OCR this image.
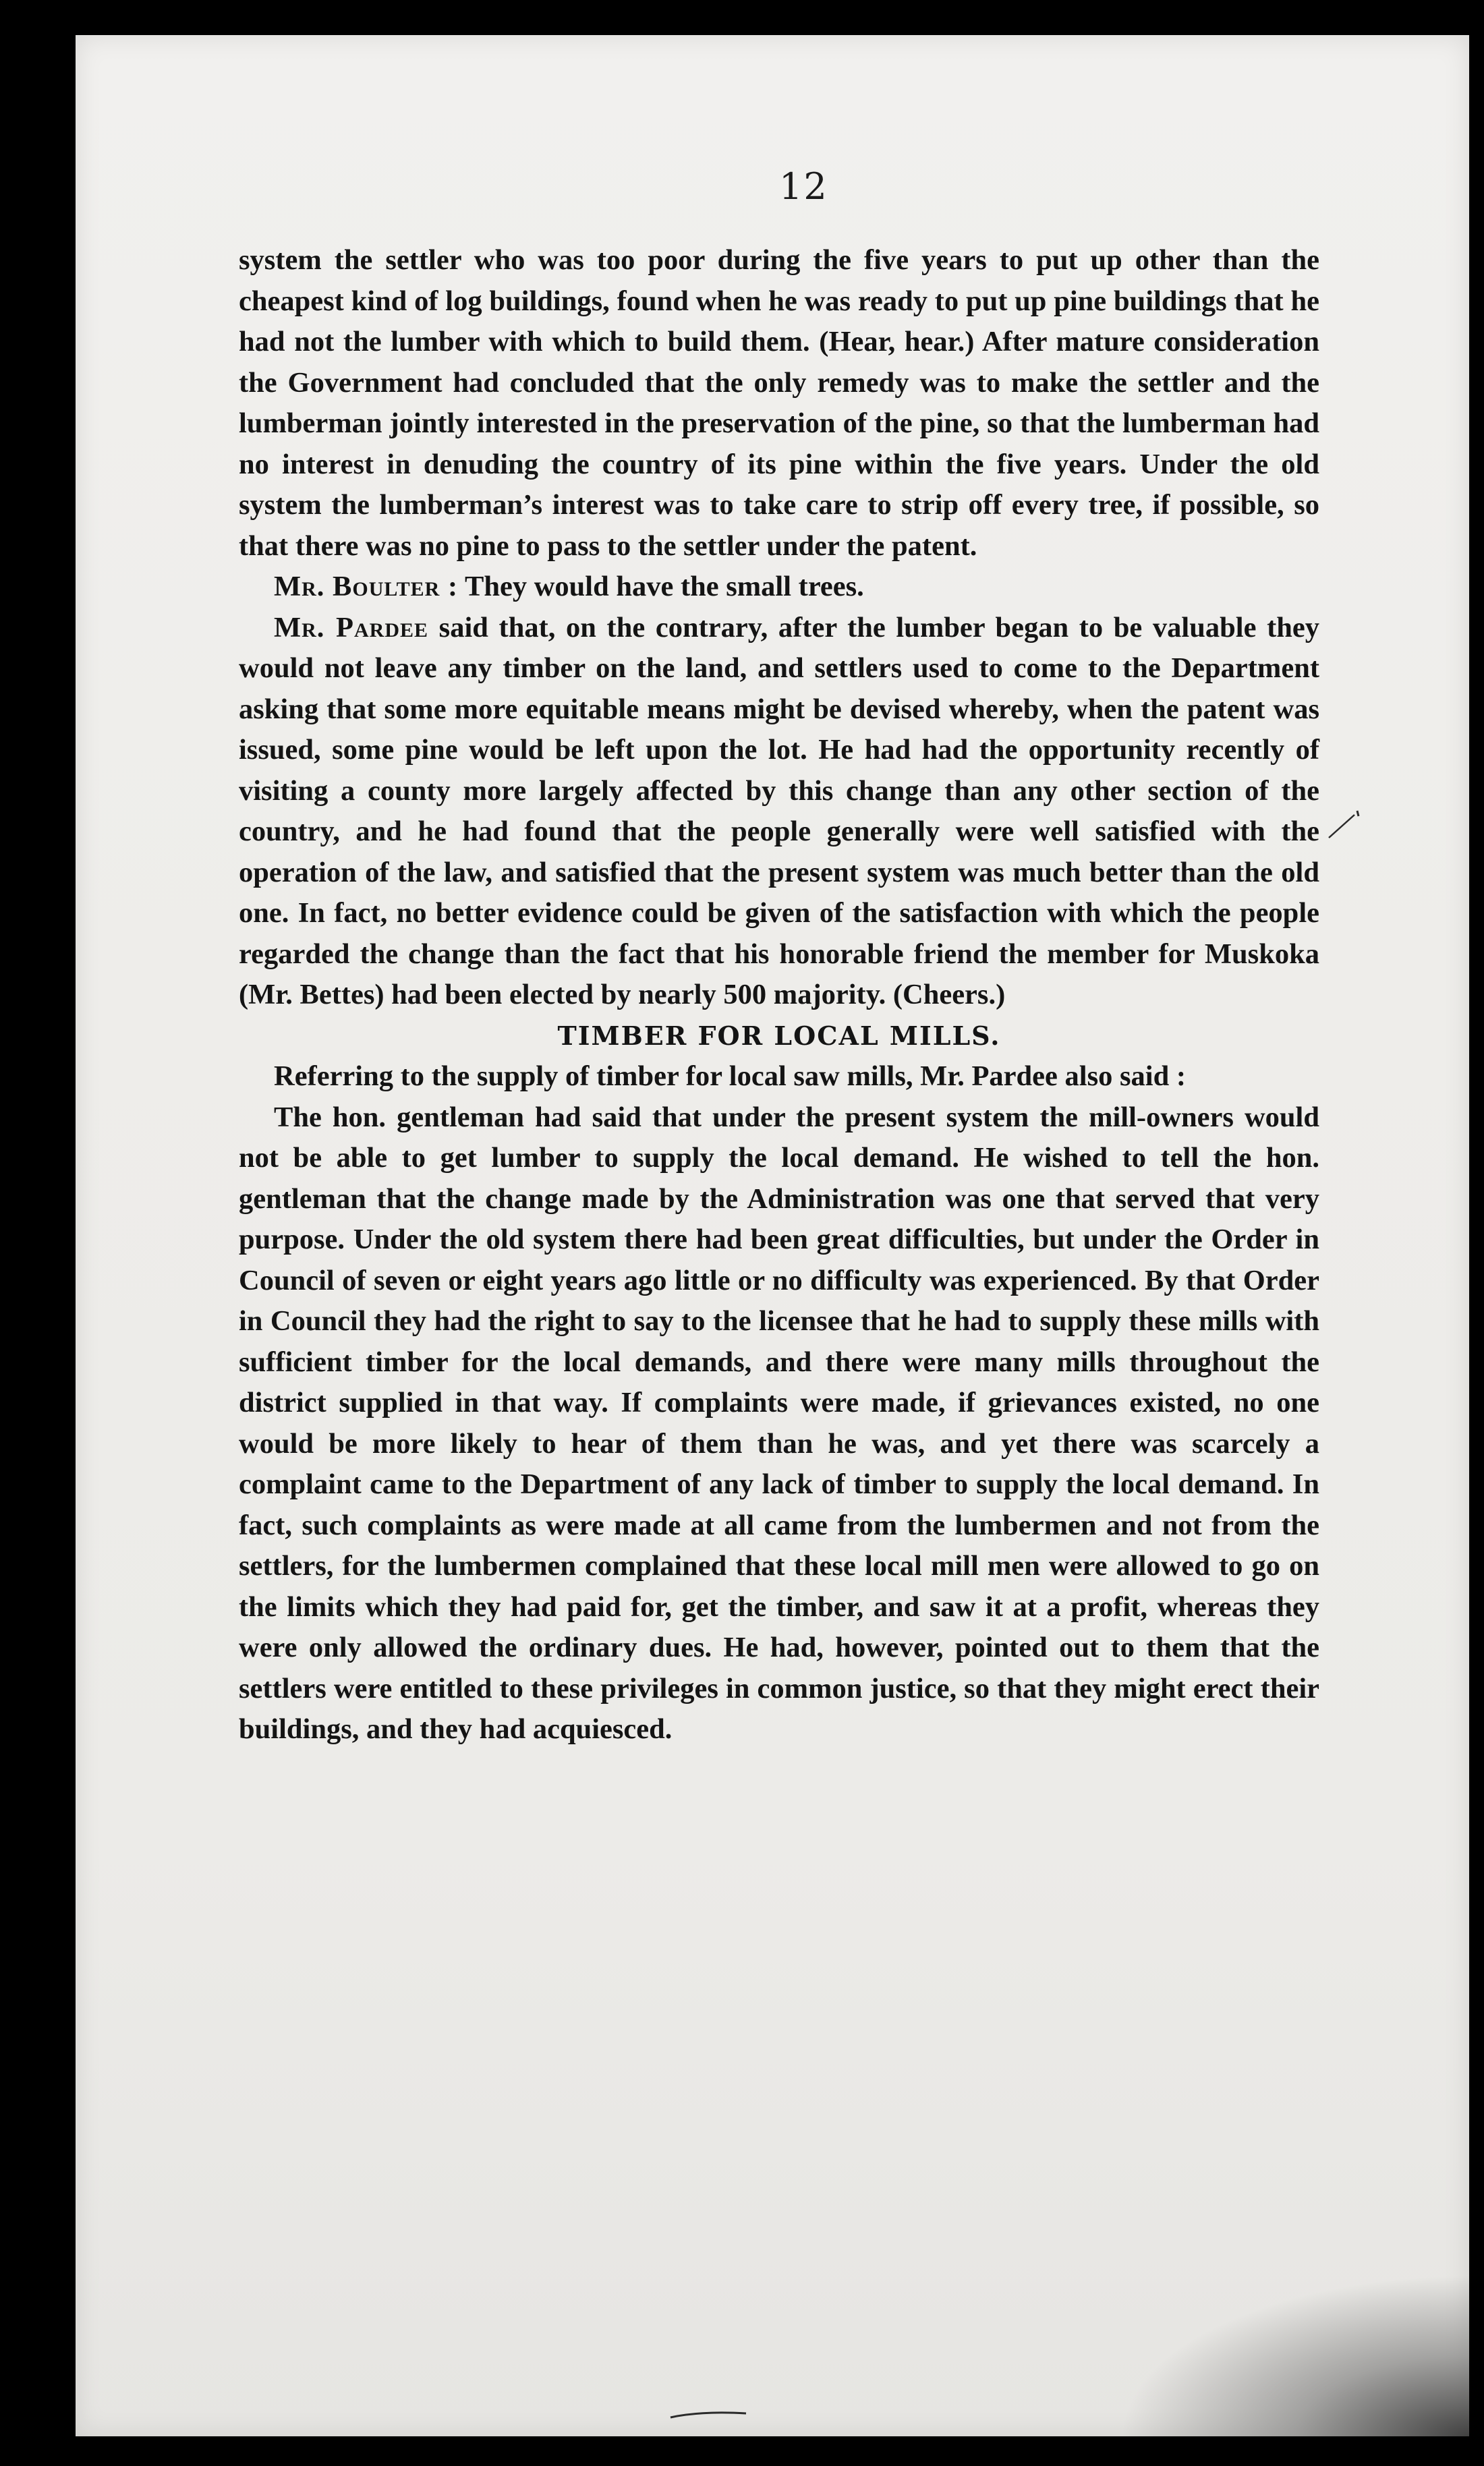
12

system the settler who was too poor during the five years to put up other than the cheapest kind of log buildings, found when he was ready to put up pine buildings that he had not the lumber with which to build them. (Hear, hear.) After mature consideration the Government had concluded that the only remedy was to make the settler and the lumberman jointly interested in the preservation of the pine, so that the lumberman had no interest in denuding the country of its pine within the five years. Under the old system the lumberman’s interest was to take care to strip off every tree, if possible, so that there was no pine to pass to the settler under the patent.

Mr. Boulter : They would have the small trees.

Mr. Pardee said that, on the contrary, after the lumber began to be valuable they would not leave any timber on the land, and settlers used to come to the Department asking that some more equitable means might be devised whereby, when the patent was issued, some pine would be left upon the lot. He had had the opportunity recently of visiting a county more largely affected by this change than any other section of the country, and he had found that the people generally were well satisfied with the operation of the law, and satisfied that the present system was much better than the old one. In fact, no better evidence could be given of the satisfaction with which the people regarded the change than the fact that his honorable friend the member for Muskoka (Mr. Bettes) had been elected by nearly 500 majority. (Cheers.)

TIMBER FOR LOCAL MILLS.

Referring to the supply of timber for local saw mills, Mr. Pardee also said :

The hon. gentleman had said that under the present system the mill-owners would not be able to get lumber to supply the local demand. He wished to tell the hon. gentleman that the change made by the Administration was one that served that very purpose. Under the old system there had been great difficulties, but under the Order in Council of seven or eight years ago little or no difficulty was experienced. By that Order in Council they had the right to say to the licensee that he had to supply these mills with sufficient timber for the local demands, and there were many mills throughout the district supplied in that way. If complaints were made, if grievances existed, no one would be more likely to hear of them than he was, and yet there was scarcely a complaint came to the Department of any lack of timber to supply the local demand. In fact, such complaints as were made at all came from the lumbermen and not from the settlers, for the lumbermen complained that these local mill men were allowed to go on the limits which they had paid for, get the timber, and saw it at a profit, whereas they were only allowed the ordinary dues. He had, however, pointed out to them that the settlers were entitled to these privileges in common justice, so that they might erect their buildings, and they had acquiesced.
